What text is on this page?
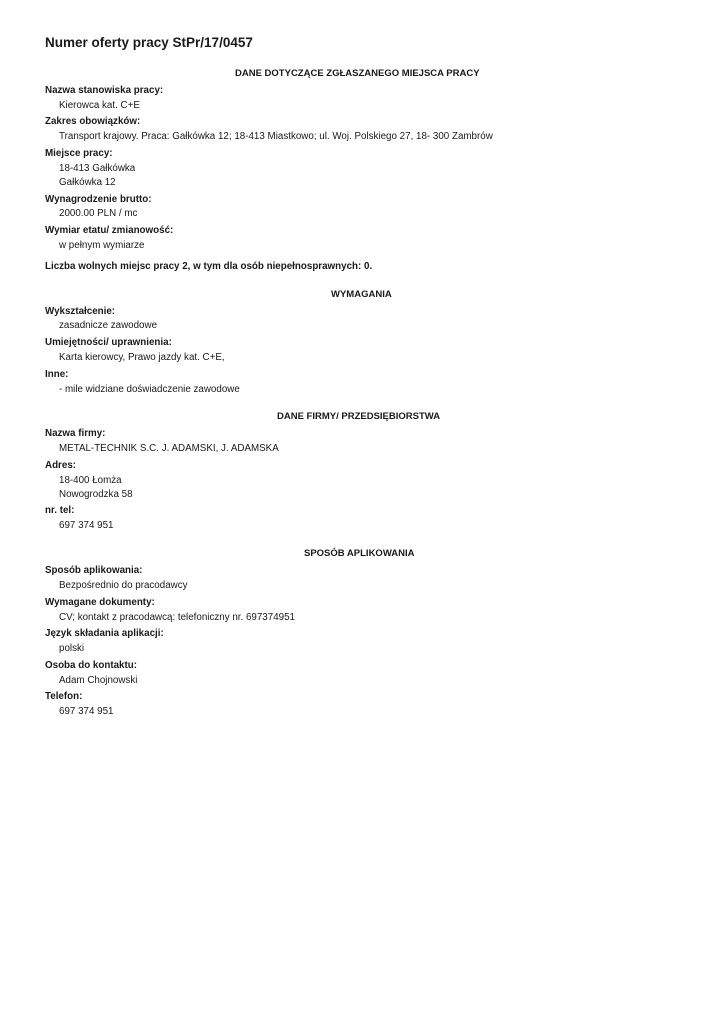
Numer oferty pracy StPr/17/0457
DANE DOTYCZĄCE ZGŁASZANEGO MIEJSCA PRACY
Nazwa stanowiska pracy:
Kierowca kat. C+E
Zakres obowiązków:
Transport krajowy. Praca: Gałkówka 12; 18-413 Miastkowo; ul. Woj. Polskiego 27, 18- 300 Zambrów
Miejsce pracy:
18-413 Gałkówka
Gałkówka 12
Wynagrodzenie brutto:
2000.00 PLN / mc
Wymiar etatu/ zmianowość:
w pełnym wymiarze
Liczba wolnych miejsc pracy 2, w tym dla osób niepełnosprawnych: 0.
WYMAGANIA
Wykształcenie:
zasadnicze zawodowe
Umiejętności/ uprawnienia:
Karta kierowcy, Prawo jazdy kat. C+E,
Inne:
- mile widziane doświadczenie zawodowe
DANE FIRMY/ PRZEDSIĘBIORSTWA
Nazwa firmy:
METAL-TECHNIK S.C. J. ADAMSKI, J. ADAMSKA
Adres:
18-400 Łomża
Nowogrodzka 58
nr. tel:
697 374 951
SPOSÓB APLIKOWANIA
Sposób aplikowania:
Bezpośrednio do pracodawcy
Wymagane dokumenty:
CV; kontakt z pracodawcą: telefoniczny nr. 697374951
Język składania aplikacji:
polski
Osoba do kontaktu:
Adam Chojnowski
Telefon:
697 374 951
